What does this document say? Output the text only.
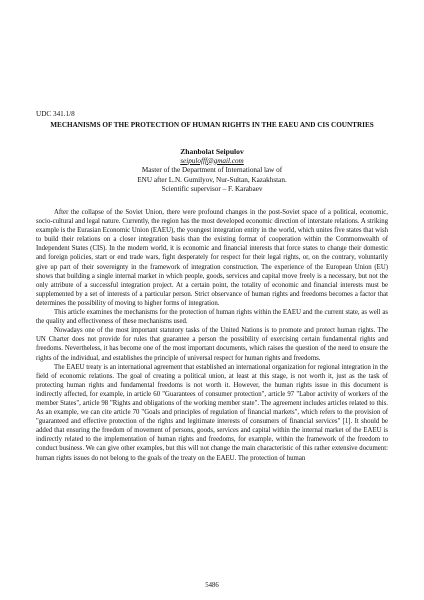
UDC 341.1/8
MECHANISMS OF THE PROTECTION OF HUMAN RIGHTS IN THE EAEU AND CIS COUNTRIES
Zhanbolat Seipulov
seipulofff@gmail.com
Master of the Department of International law of
ENU after L.N. Gumilyov, Nur-Sultan, Kazakhstan.
Scientific supervisor – F. Karabaev

After the collapse of the Soviet Union, there were profound changes in the post-Soviet space of a political, economic, socio-cultural and legal nature. Currently, the region has the most developed economic direction of interstate relations. A striking example is the Eurasian Economic Union (EAEU), the youngest integration entity in the world, which unites five states that wish to build their relations on a closer integration basis than the existing format of cooperation within the Commonwealth of Independent States (CIS). In the modern world, it is economic and financial interests that force states to change their domestic and foreign policies, start or end trade wars, fight desperately for respect for their legal rights, or, on the contrary, voluntarily give up part of their sovereignty in the framework of integration construction. The experience of the European Union (EU) shows that building a single internal market in which people, goods, services and capital move freely is a necessary, but not the only attribute of a successful integration project. At a certain point, the totality of economic and financial interests must be supplemented by a set of interests of a particular person. Strict observance of human rights and freedoms becomes a factor that determines the possibility of moving to higher forms of integration.

This article examines the mechanisms for the protection of human rights within the EAEU and the current state, as well as the quality and effectiveness of these mechanisms used.

Nowadays one of the most important statutory tasks of the United Nations is to promote and protect human rights. The UN Charter does not provide for rules that guarantee a person the possibility of exercising certain fundamental rights and freedoms. Nevertheless, it has become one of the most important documents, which raises the question of the need to ensure the rights of the individual, and establishes the principle of universal respect for human rights and freedoms.

The EAEU treaty is an international agreement that established an international organization for regional integration in the field of economic relations. The goal of creating a political union, at least at this stage, is not worth it, just as the task of protecting human rights and fundamental freedoms is not worth it. However, the human rights issue in this document is indirectly affected, for example, in article 60 "Guarantees of consumer protection", article 97 "Labor activity of workers of the member States", article 98 "Rights and obligations of the working member state". The agreement includes articles related to this. As an example, we can cite article 70 "Goals and principles of regulation of financial markets", which refers to the provision of "guaranteed and effective protection of the rights and legitimate interests of consumers of financial services" [1]. It should be added that ensuring the freedom of movement of persons, goods, services and capital within the internal market of the EAEU is indirectly related to the implementation of human rights and freedoms, for example, within the framework of the freedom to conduct business. We can give other examples, but this will not change the main characteristic of this rather extensive document: human rights issues do not belong to the goals of the treaty on the EAEU. The protection of human

5486
